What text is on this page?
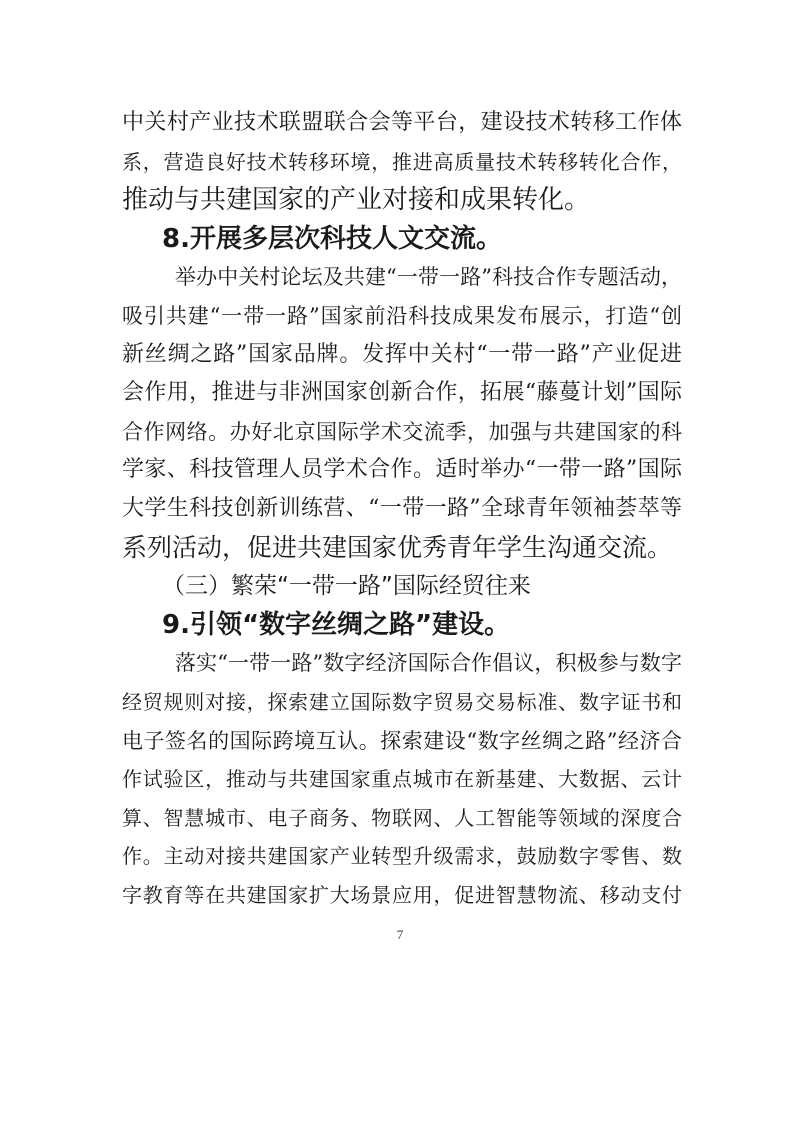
中关村产业技术联盟联合会等平台，建设技术转移工作体
系，营造良好技术转移环境，推进高质量技术转移转化合作，
推动与共建国家的产业对接和成果转化。
8.开展多层次科技人文交流。
举办中关村论坛及共建“一带一路”科技合作专题活动，
吸引共建“一带一路”国家前沿科技成果发布展示，打造“创
新丝绸之路”国家品牌。发挥中关村“一带一路”产业促进
会作用，推进与非洲国家创新合作，拓展“藤蔓计划”国际
合作网络。办好北京国际学术交流季，加强与共建国家的科
学家、科技管理人员学术合作。适时举办“一带一路”国际
大学生科技创新训练营、“一带一路”全球青年领袖荟萃等
系列活动，促进共建国家优秀青年学生沟通交流。
（三）繁荣“一带一路”国际经贸往来
9.引领“数字丝绸之路”建设。
落实“一带一路”数字经济国际合作倡议，积极参与数字
经贸规则对接，探索建立国际数字贸易交易标准、数字证书和
电子签名的国际跨境互认。探索建设“数字丝绸之路”经济合
作试验区，推动与共建国家重点城市在新基建、大数据、云计
算、智慧城市、电子商务、物联网、人工智能等领域的深度合
作。主动对接共建国家产业转型升级需求，鼓励数字零售、数
字教育等在共建国家扩大场景应用，促进智慧物流、移动支付
7
